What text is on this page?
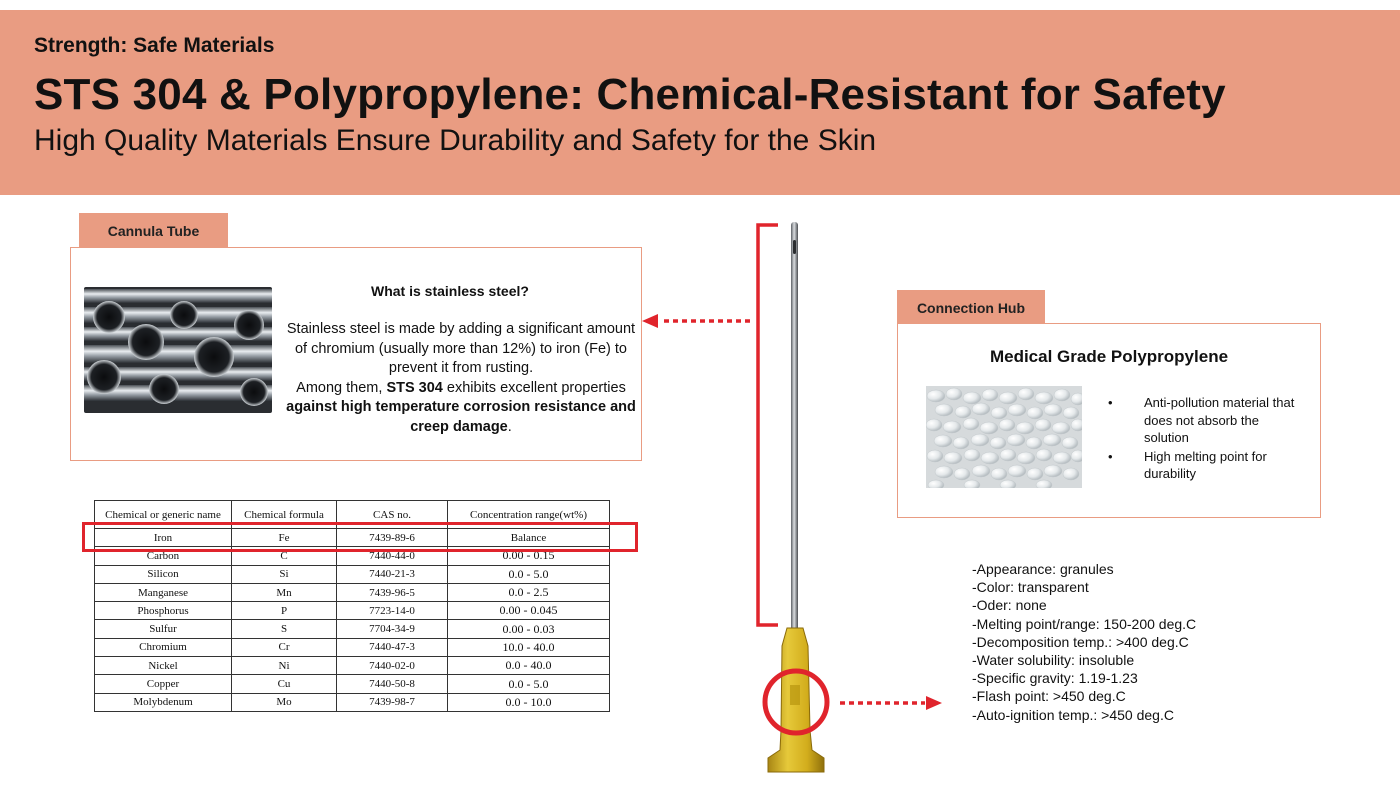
Strength: Safe Materials
STS 304 & Polypropylene: Chemical-Resistant for Safety
High Quality Materials Ensure Durability and Safety for the Skin
Cannula Tube
What is stainless steel?
Stainless steel is made by adding a significant amount of chromium (usually more than 12%) to iron (Fe) to prevent it from rusting.
Among them, STS 304 exhibits excellent properties against high temperature corrosion resistance and creep damage.
Chemical or generic name	Chemical formula	CAS no.	Concentration range(wt%)
Iron	Fe	7439-89-6	Balance
Carbon	C	7440-44-0	0.00 - 0.15
Silicon	Si	7440-21-3	0.0 - 5.0
Manganese	Mn	7439-96-5	0.0 - 2.5
Phosphorus	P	7723-14-0	0.00 - 0.045
Sulfur	S	7704-34-9	0.00 - 0.03
Chromium	Cr	7440-47-3	10.0 - 40.0
Nickel	Ni	7440-02-0	0.0 - 40.0
Copper	Cu	7440-50-8	0.0 - 5.0
Molybdenum	Mo	7439-98-7	0.0 - 10.0
Connection Hub
Medical Grade Polypropylene
• Anti-pollution material that does not absorb the solution
• High melting point for durability
-Appearance: granules
-Color: transparent
-Oder: none
-Melting point/range: 150-200 deg.C
-Decomposition temp.: >400 deg.C
-Water solubility: insoluble
-Specific gravity: 1.19-1.23
-Flash point: >450 deg.C
-Auto-ignition temp.: >450 deg.C
